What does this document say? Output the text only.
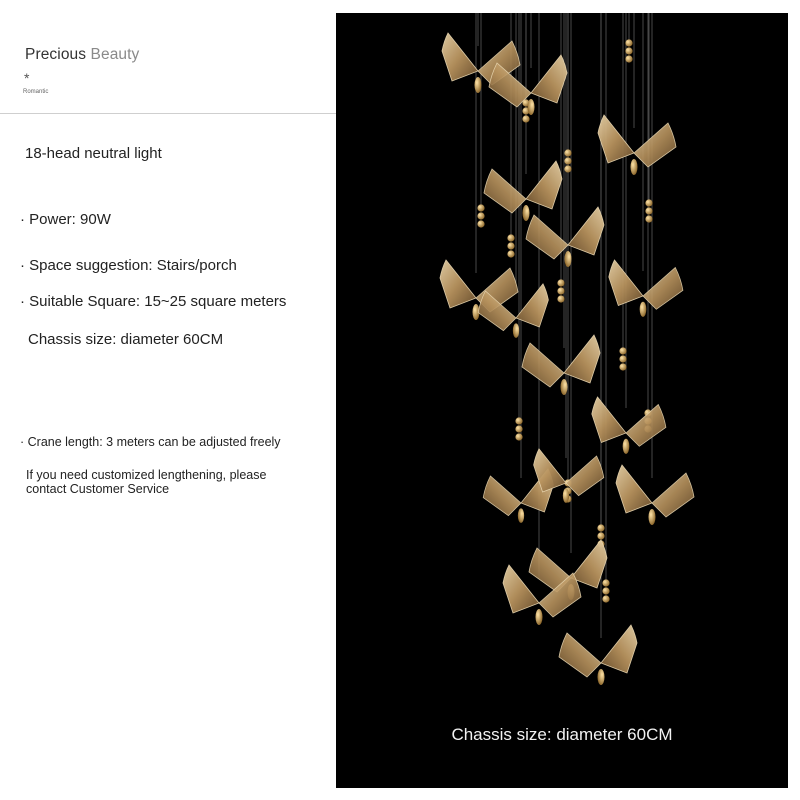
Precious Beauty
*
Romantic
18-head neutral light
· Power: 90W
· Space suggestion: Stairs/porch
· Suitable Square: 15~25 square meters
Chassis size: diameter 60CM
· Crane length: 3 meters can be adjusted freely
If you need customized lengthening, please contact Customer Service
Chassis size: diameter 60CM
